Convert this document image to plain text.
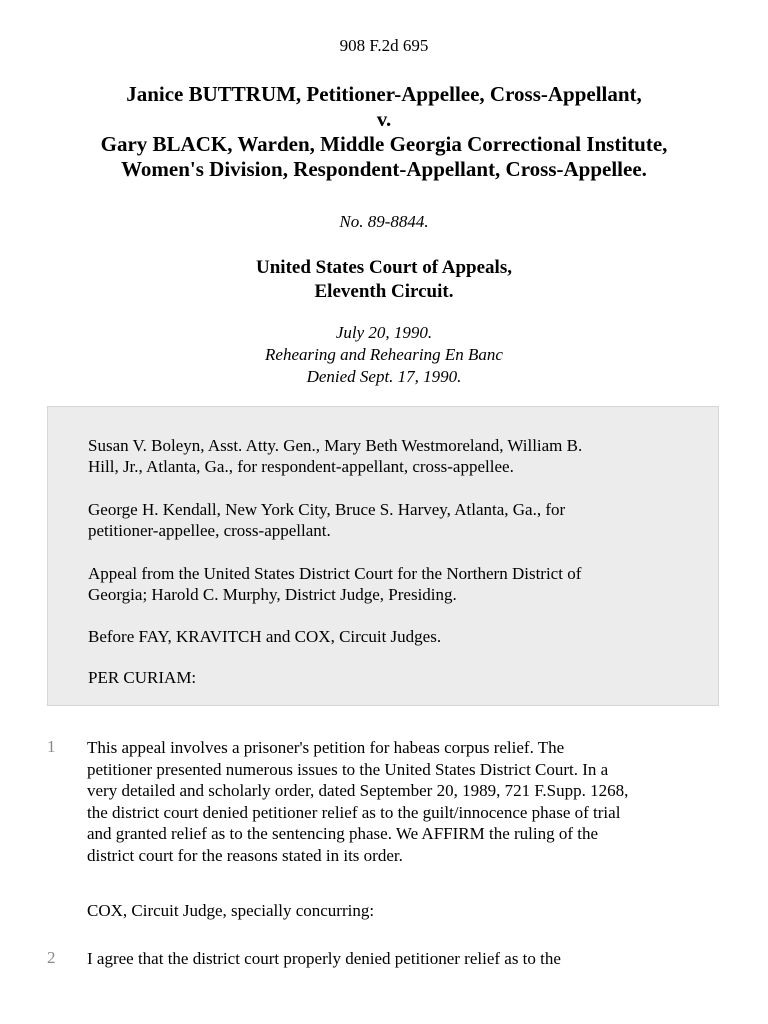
908 F.2d 695
Janice BUTTRUM, Petitioner-Appellee, Cross-Appellant,
v.
Gary BLACK, Warden, Middle Georgia Correctional Institute,
Women's Division, Respondent-Appellant, Cross-Appellee.
No. 89-8844.
United States Court of Appeals,
Eleventh Circuit.
July 20, 1990.
Rehearing and Rehearing En Banc
Denied Sept. 17, 1990.
Susan V. Boleyn, Asst. Atty. Gen., Mary Beth Westmoreland, William B.
Hill, Jr., Atlanta, Ga., for respondent-appellant, cross-appellee.
George H. Kendall, New York City, Bruce S. Harvey, Atlanta, Ga., for
petitioner-appellee, cross-appellant.
Appeal from the United States District Court for the Northern District of
Georgia; Harold C. Murphy, District Judge, Presiding.
Before FAY, KRAVITCH and COX, Circuit Judges.
PER CURIAM:
1 This appeal involves a prisoner's petition for habeas corpus relief. The
petitioner presented numerous issues to the United States District Court. In a
very detailed and scholarly order, dated September 20, 1989, 721 F.Supp. 1268,
the district court denied petitioner relief as to the guilt/innocence phase of trial
and granted relief as to the sentencing phase. We AFFIRM the ruling of the
district court for the reasons stated in its order.
COX, Circuit Judge, specially concurring:
2 I agree that the district court properly denied petitioner relief as to the
